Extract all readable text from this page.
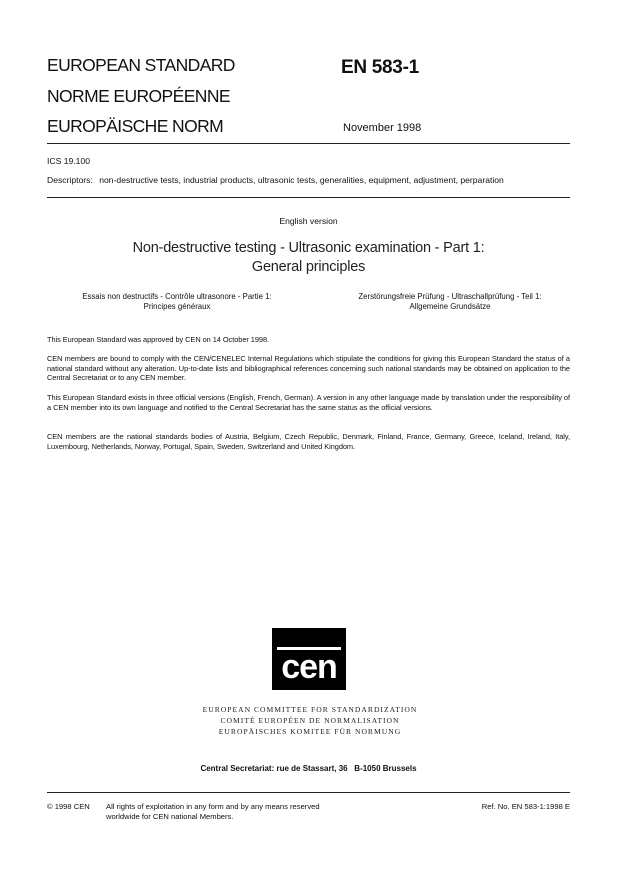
EUROPEAN STANDARD
NORME EUROPÉENNE
EUROPÄISCHE NORM
EN 583-1
November 1998
ICS 19.100
Descriptors: non-destructive tests, industrial products, ultrasonic tests, generalities, equipment, adjustment, perparation
English version
Non-destructive testing - Ultrasonic examination - Part 1:
General principles
Essais non destructifs - Contrôle ultrasonore - Partie 1:
Principes généraux
Zerstörungsfreie Prüfung - Ultraschallprüfung - Teil 1:
Allgemeine Grundsätze
This European Standard was approved by CEN on 14 October 1998.
CEN members are bound to comply with the CEN/CENELEC Internal Regulations which stipulate the conditions for giving this European Standard the status of a national standard without any alteration. Up-to-date lists and bibliographical references concerning such national standards may be obtained on application to the Central Secretariat or to any CEN member.
This European Standard exists in three official versions (English, French, German). A version in any other language made by translation under the responsibility of a CEN member into its own language and notified to the Central Secretariat has the same status as the official versions.
CEN members are the national standards bodies of Austria, Belgium, Czech Republic, Denmark, Finland, France, Germany, Greece, Iceland, Ireland, Italy, Luxembourg, Netherlands, Norway, Portugal, Spain, Sweden, Switzerland and United Kingdom.
cen
EUROPEAN COMMITTEE FOR STANDARDIZATION
COMITÉ EUROPÉEN DE NORMALISATION
EUROPÄISCHES KOMITEE FÜR NORMUNG
Central Secretariat: rue de Stassart, 36   B-1050 Brussels
© 1998 CEN All rights of exploitation in any form and by any means reserved
worldwide for CEN national Members.
Ref. No. EN 583-1:1998 E
